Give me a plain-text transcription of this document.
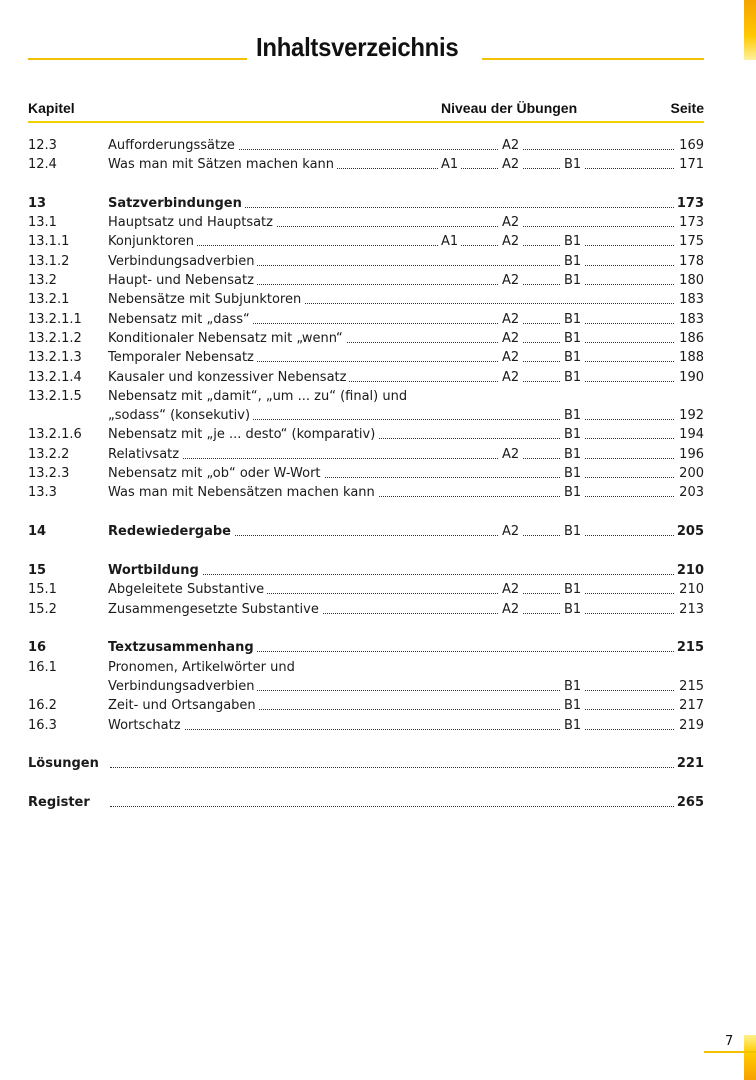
Inhaltsverzeichnis
Kapitel	Niveau der Übungen	Seite
12.3	Aufforderungssätze	A2	169
12.4	Was man mit Sätzen machen kann	A1	A2	B1	171
13	Satzverbindungen	173
13.1	Hauptsatz und Hauptsatz	A2	173
13.1.1	Konjunktoren	A1	A2	B1	175
13.1.2	Verbindungsadverbien	B1	178
13.2	Haupt- und Nebensatz	A2	B1	180
13.2.1	Nebensätze mit Subjunktoren	183
13.2.1.1 Nebensatz mit „dass“	A2	B1	183
13.2.1.2 Konditionaler Nebensatz mit „wenn“	A2	B1	186
13.2.1.3 Temporaler Nebensatz	A2	B1	188
13.2.1.4 Kausaler und konzessiver Nebensatz	A2	B1	190
13.2.1.5 Nebensatz mit „damit“, „um ... zu“ (final) und
„sodass“ (konsekutiv)	B1	192
13.2.1.6 Nebensatz mit „je ... desto“ (komparativ)	B1	194
13.2.2	Relativsatz	A2	B1	196
13.2.3	Nebensatz mit „ob“ oder W-Wort	B1	200
13.3	Was man mit Nebensätzen machen kann	B1	203
14	Redewiedergabe	A2	B1	205
15	Wortbildung	210
15.1	Abgeleitete Substantive	A2	B1	210
15.2	Zusammengesetzte Substantive	A2	B1	213
16	Textzusammenhang	215
16.1	Pronomen, Artikelwörter und
Verbindungsadverbien	B1	215
16.2	Zeit- und Ortsangaben	B1	217
16.3	Wortschatz	B1	219
Lösungen	221
Register	265
7
